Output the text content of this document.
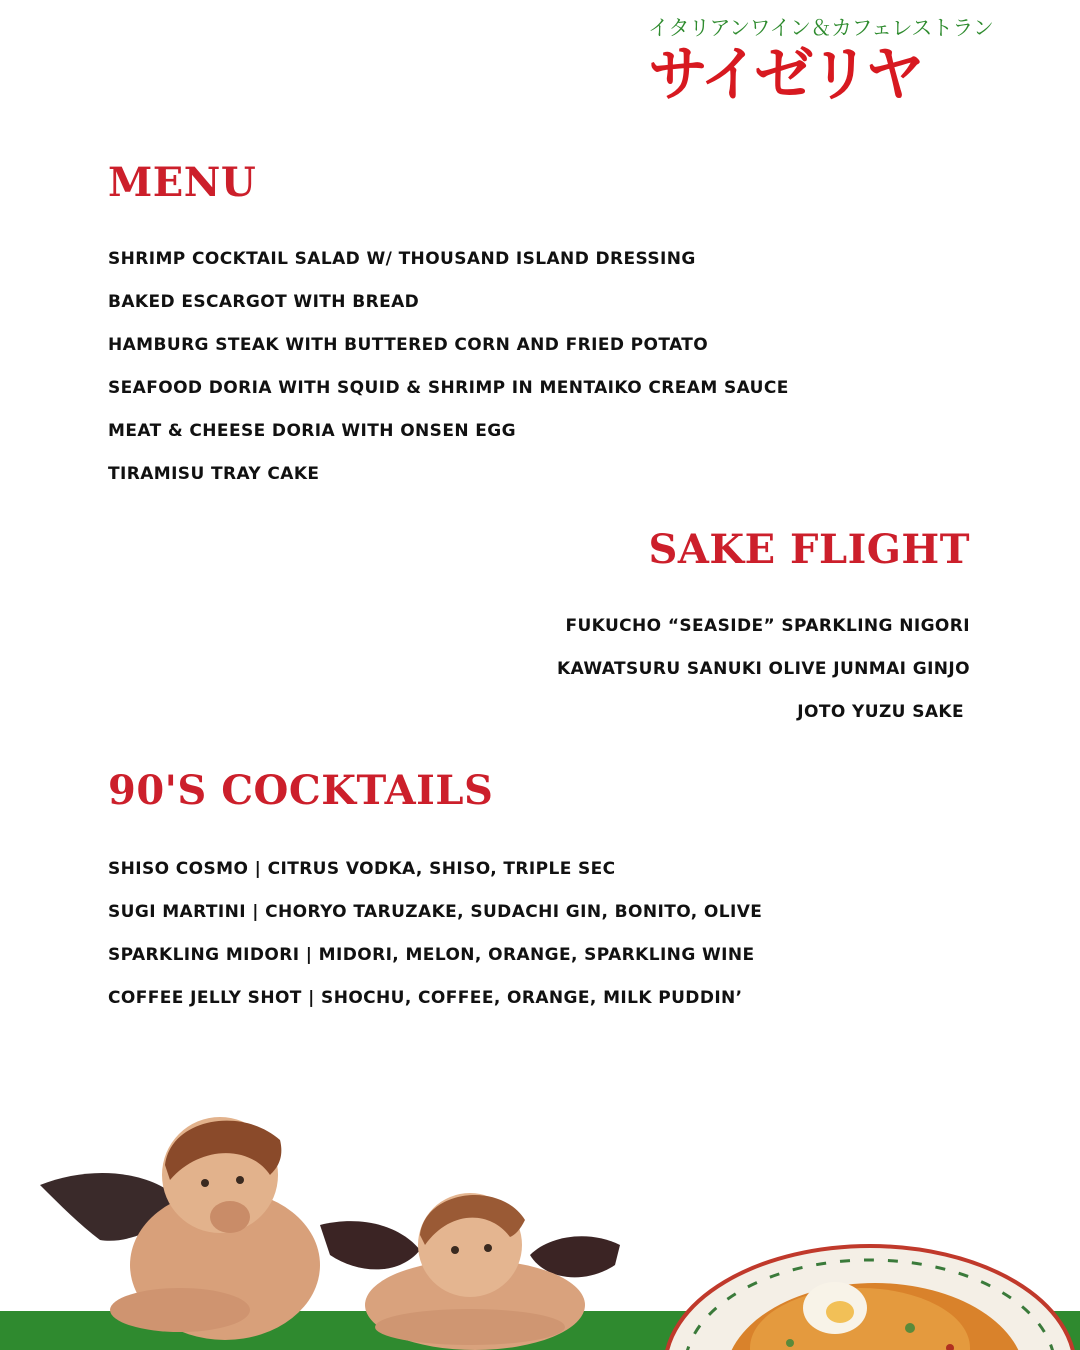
イタリアンワイン＆カフェレストラン
サイゼリヤ
MENU
SHRIMP COCKTAIL SALAD W/ THOUSAND ISLAND DRESSING
BAKED ESCARGOT WITH BREAD
HAMBURG STEAK WITH BUTTERED CORN AND FRIED POTATO
SEAFOOD DORIA WITH SQUID & SHRIMP IN MENTAIKO CREAM SAUCE
MEAT & CHEESE DORIA WITH ONSEN EGG
TIRAMISU TRAY CAKE
SAKE FLIGHT
FUKUCHO “SEASIDE” SPARKLING NIGORI
KAWATSURU SANUKI OLIVE JUNMAI GINJO
JOTO YUZU SAKE
90'S COCKTAILS
SHISO COSMO | CITRUS VODKA, SHISO, TRIPLE SEC
SUGI MARTINI | CHORYO TARUZAKE, SUDACHI GIN, BONITO, OLIVE
SPARKLING MIDORI | MIDORI, MELON, ORANGE, SPARKLING WINE
COFFEE JELLY SHOT | SHOCHU, COFFEE, ORANGE, MILK PUDDIN’
